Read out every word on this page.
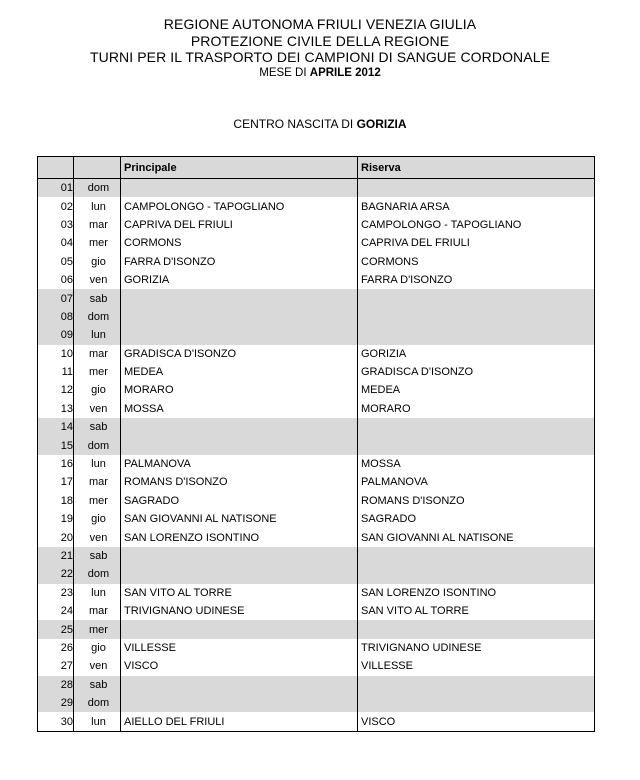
REGIONE AUTONOMA FRIULI VENEZIA GIULIA
PROTEZIONE CIVILE DELLA REGIONE
TURNI PER IL TRASPORTO DEI CAMPIONI DI SANGUE CORDONALE
MESE DI APRILE 2012
CENTRO NASCITA DI GORIZIA
		Principale	Riserva
01	dom		
02	lun	CAMPOLONGO - TAPOGLIANO	BAGNARIA ARSA
03	mar	CAPRIVA DEL FRIULI	CAMPOLONGO - TAPOGLIANO
04	mer	CORMONS	CAPRIVA DEL FRIULI
05	gio	FARRA D'ISONZO	CORMONS
06	ven	GORIZIA	FARRA D'ISONZO
07	sab		
08	dom		
09	lun		
10	mar	GRADISCA D'ISONZO	GORIZIA
11	mer	MEDEA	GRADISCA D'ISONZO
12	gio	MORARO	MEDEA
13	ven	MOSSA	MORARO
14	sab		
15	dom		
16	lun	PALMANOVA	MOSSA
17	mar	ROMANS D'ISONZO	PALMANOVA
18	mer	SAGRADO	ROMANS D'ISONZO
19	gio	SAN GIOVANNI AL NATISONE	SAGRADO
20	ven	SAN LORENZO ISONTINO	SAN GIOVANNI AL NATISONE
21	sab		
22	dom		
23	lun	SAN VITO AL TORRE	SAN LORENZO ISONTINO
24	mar	TRIVIGNANO UDINESE	SAN VITO AL TORRE
25	mer		
26	gio	VILLESSE	TRIVIGNANO UDINESE
27	ven	VISCO	VILLESSE
28	sab		
29	dom		
30	lun	AIELLO DEL FRIULI	VISCO
